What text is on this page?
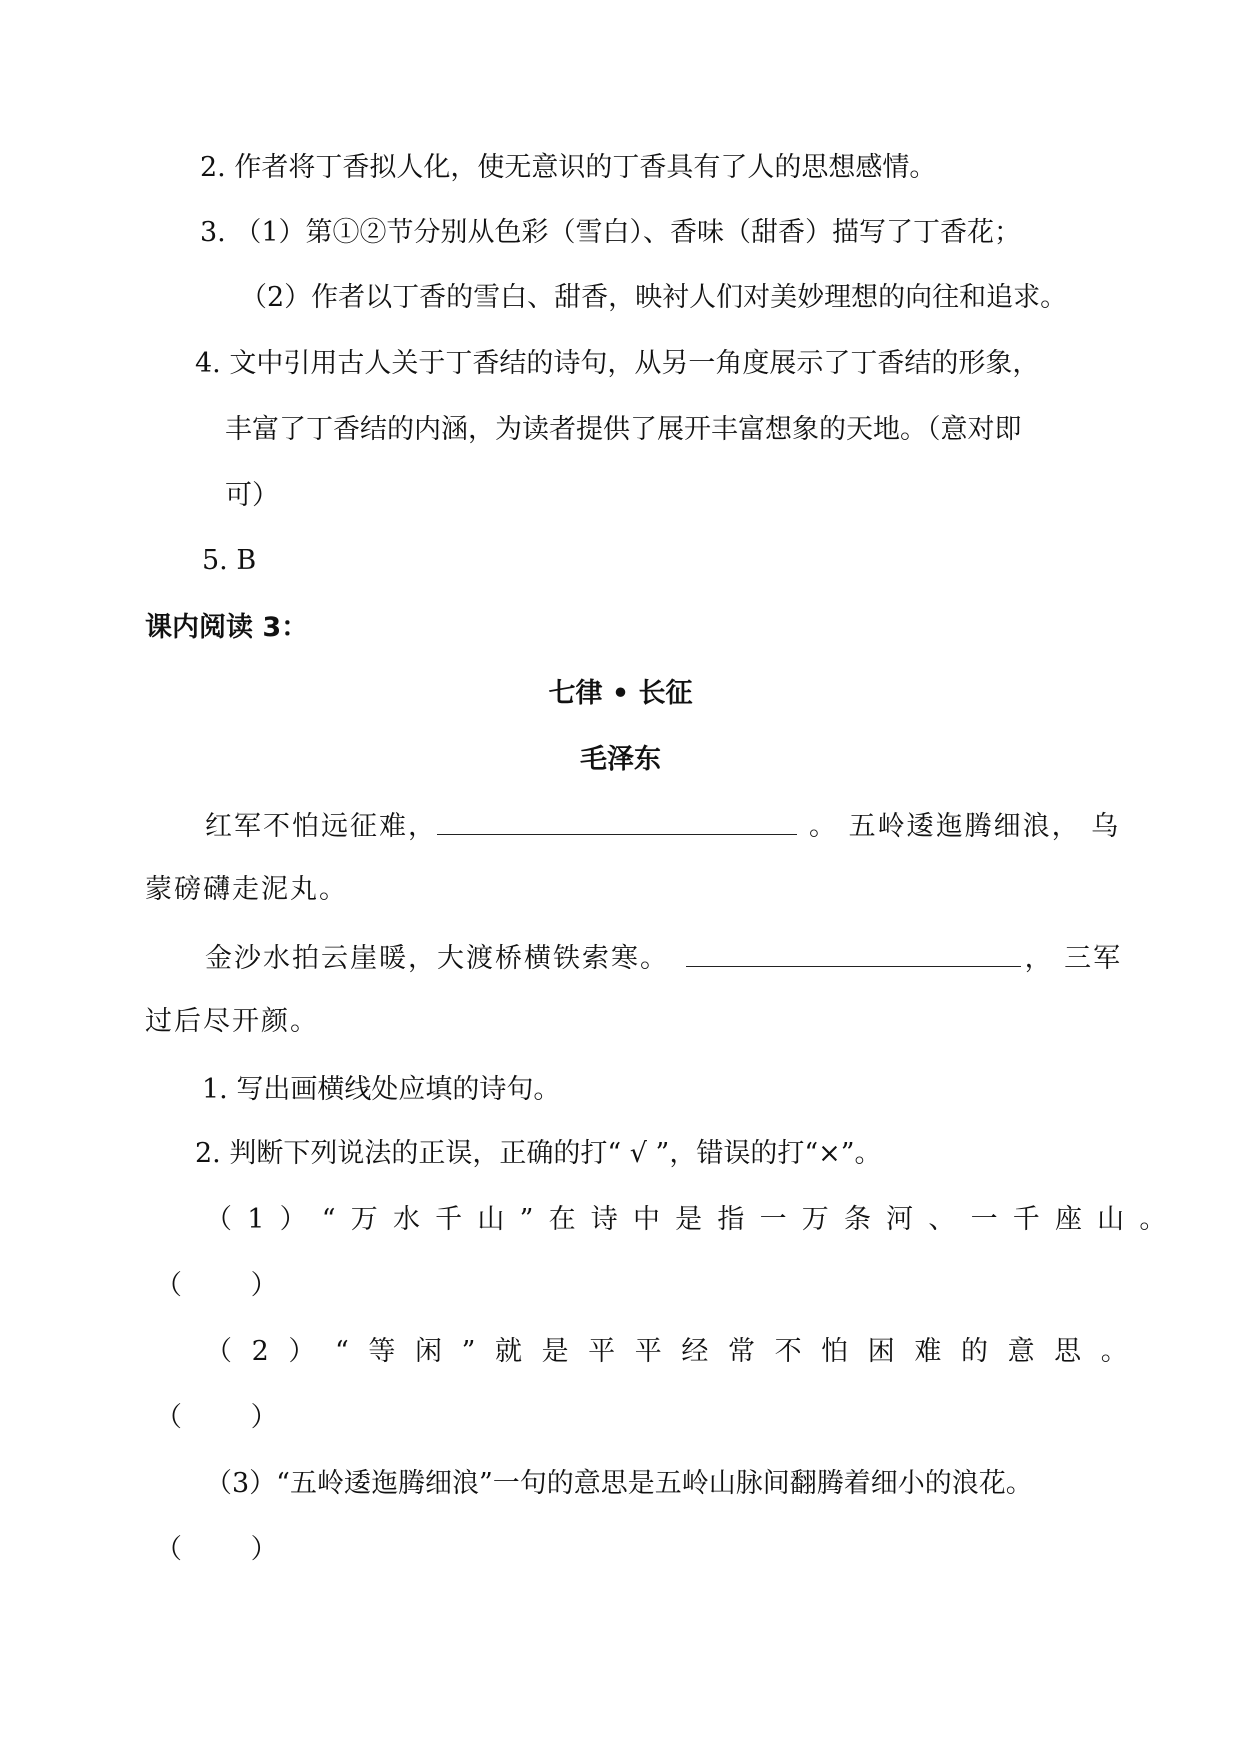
2. 作者将丁香拟人化，使无意识的丁香具有了人的思想感情。
3. （1）第①②节分别从色彩（雪白）、香味（甜香）描写了丁香花；
（2）作者以丁香的雪白、甜香，映衬人们对美妙理想的向往和追求。
4. 文中引用古人关于丁香结的诗句，从另一角度展示了丁香结的形象，
丰富了丁香结的内涵，为读者提供了展开丰富想象的天地。（意对即
可）
5. B
课内阅读 3：
七律 • 长征
毛泽东
红军不怕远征难，	。 五岭逶迤腾细浪， 乌
蒙磅礴走泥丸。
金沙水拍云崖暖，大渡桥横铁索寒。	， 三军
过后尽开颜。
1. 写出画横线处应填的诗句。
2. 判断下列说法的正误，正确的打“ √ ”，错误的打“×”。
（1）“万水千山”在诗中是指一万条河、一千座山。
（        ）
（2）“等闲”就是平平经常不怕困难的意思。
（        ）
（3）“五岭逶迤腾细浪”一句的意思是五岭山脉间翻腾着细小的浪花。
（        ）
